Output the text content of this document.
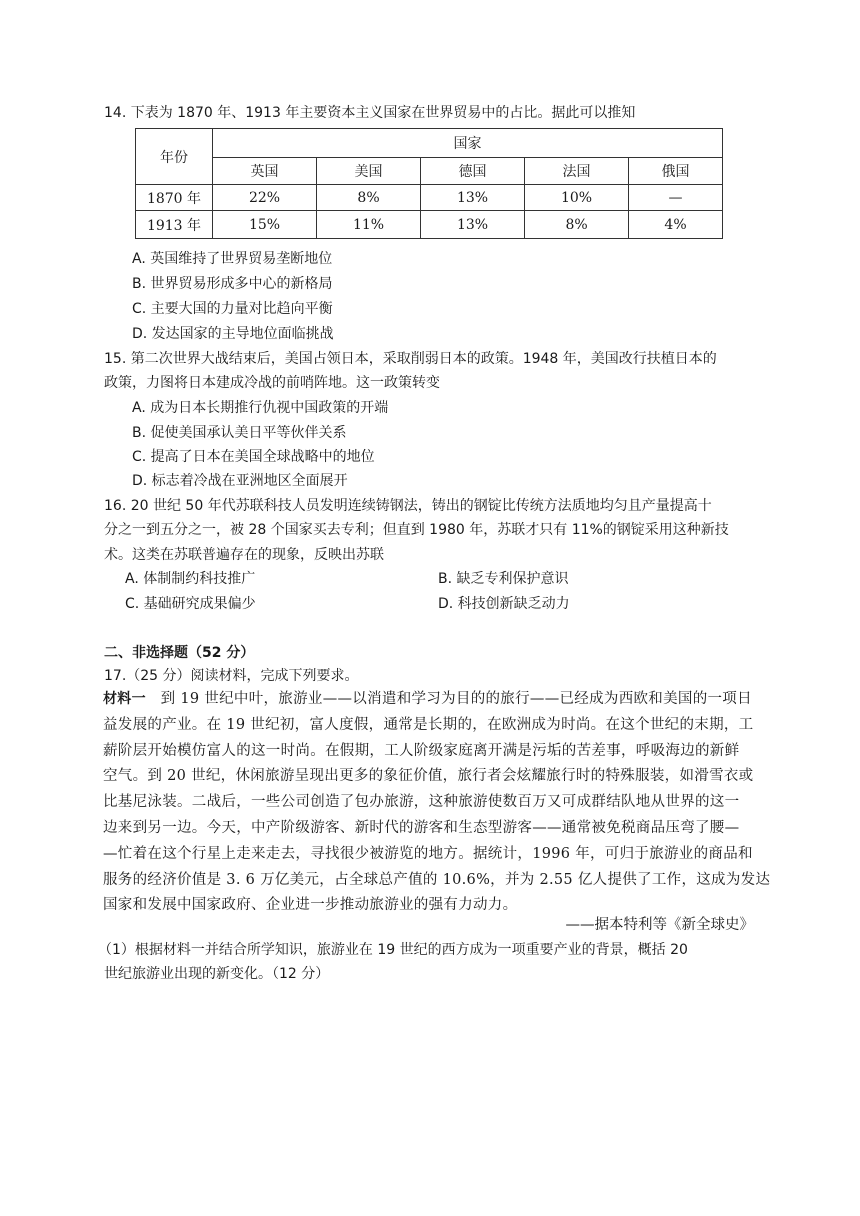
14. 下表为 1870 年、1913 年主要资本主义国家在世界贸易中的占比。据此可以推知
年份	国家				
	英国	美国	德国	法国	俄国
1870 年	22%	8%	13%	10%	—
1913 年	15%	11%	13%	8%	4%
A. 英国维持了世界贸易垄断地位
B. 世界贸易形成多中心的新格局
C. 主要大国的力量对比趋向平衡
D. 发达国家的主导地位面临挑战
15. 第二次世界大战结束后，美国占领日本，采取削弱日本的政策。1948 年，美国改行扶植日本的
政策，力图将日本建成冷战的前哨阵地。这一政策转变
A. 成为日本长期推行仇视中国政策的开端
B. 促使美国承认美日平等伙伴关系
C. 提高了日本在美国全球战略中的地位
D. 标志着冷战在亚洲地区全面展开
16. 20 世纪 50 年代苏联科技人员发明连续铸钢法，铸出的钢锭比传统方法质地均匀且产量提高十
分之一到五分之一，被 28 个国家买去专利；但直到 1980 年，苏联才只有 11%的钢锭采用这种新技
术。这类在苏联普遍存在的现象，反映出苏联
A. 体制制约科技推广	B. 缺乏专利保护意识
C. 基础研究成果偏少	D. 科技创新缺乏动力
二、非选择题（52 分）
17.（25 分）阅读材料，完成下列要求。
材料一 到 19 世纪中叶，旅游业——以消遣和学习为目的的旅行——已经成为西欧和美国的一项日
益发展的产业。在 19 世纪初，富人度假，通常是长期的，在欧洲成为时尚。在这个世纪的末期，工
薪阶层开始模仿富人的这一时尚。在假期，工人阶级家庭离开满是污垢的苦差事，呼吸海边的新鲜
空气。到 20 世纪，休闲旅游呈现出更多的象征价值，旅行者会炫耀旅行时的特殊服装，如滑雪衣或
比基尼泳装。二战后，一些公司创造了包办旅游，这种旅游使数百万又可成群结队地从世界的这一
边来到另一边。今天，中产阶级游客、新时代的游客和生态型游客——通常被免税商品压弯了腰—
—忙着在这个行星上走来走去，寻找很少被游览的地方。据统计，1996 年，可归于旅游业的商品和
服务的经济价值是 3. 6 万亿美元，占全球总产值的 10.6%，并为 2.55 亿人提供了工作，这成为发达
国家和发展中国家政府、企业进一步推动旅游业的强有力动力。
——据本特利等《新全球史》
（1）根据材料一并结合所学知识，旅游业在 19 世纪的西方成为一项重要产业的背景，概括 20
世纪旅游业出现的新变化。（12 分）
